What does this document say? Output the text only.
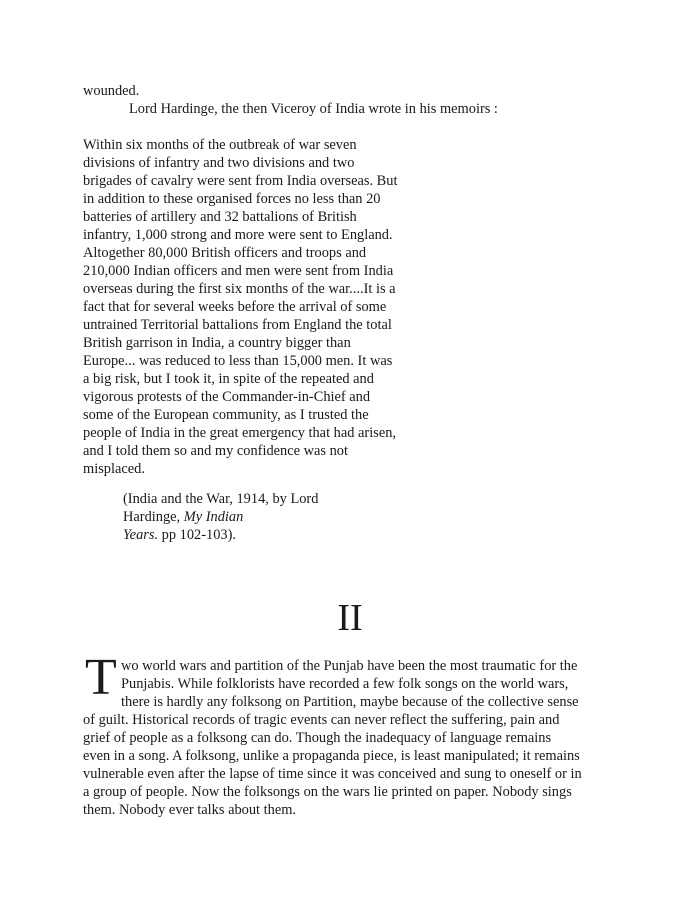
wounded.
Lord Hardinge, the then Viceroy of India wrote in his memoirs :
Within six months of the outbreak of war seven
divisions of infantry and two divisions and two
brigades of cavalry were sent from India overseas. But
in addition to these organised forces no less than 20
batteries of artillery and 32 battalions of British
infantry, 1,000 strong and more were sent to England.
Altogether 80,000 British officers and troops and
210,000 Indian officers and men were sent from India
overseas during the first six months of the war....It is a
fact that for several weeks before the arrival of some
untrained Territorial battalions from England the total
British garrison in India, a country bigger than
Europe... was reduced to less than 15,000 men. It was
a big risk, but I took it, in spite of the repeated and
vigorous protests of the Commander-in-Chief and
some of the European community, as I trusted the
people of India in the great emergency that had arisen,
and I told them so and my confidence was not
misplaced.
(India and the War, 1914, by Lord
Hardinge, My Indian
Years. pp 102-103).
II
T wo world wars and partition of the Punjab have been the most traumatic for the
Punjabis. While folklorists have recorded a few folk songs on the world wars,
there is hardly any folksong on Partition, maybe because of the collective sense
of guilt. Historical records of tragic events can never reflect the suffering, pain and
grief of people as a folksong can do. Though the inadequacy of language remains
even in a song. A folksong, unlike a propaganda piece, is least manipulated; it remains
vulnerable even after the lapse of time since it was conceived and sung to oneself or in
a group of people. Now the folksongs on the wars lie printed on paper. Nobody sings
them. Nobody ever talks about them.
